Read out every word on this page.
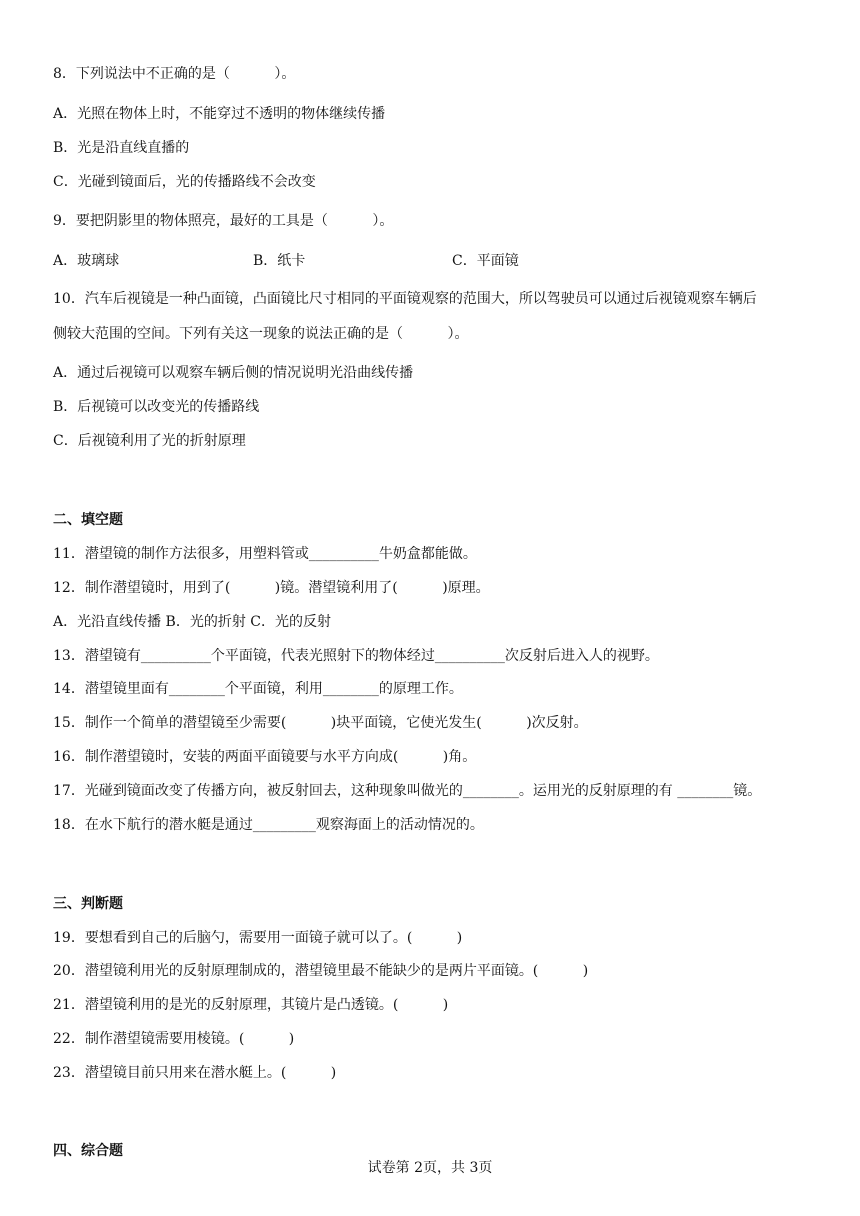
8．下列说法中不正确的是（          ）。
A．光照在物体上时，不能穿过不透明的物体继续传播
B．光是沿直线直播的
C．光碰到镜面后，光的传播路线不会改变
9．要把阴影里的物体照亮，最好的工具是（          ）。
A．玻璃球	B．纸卡	C．平面镜
10．汽车后视镜是一种凸面镜，凸面镜比尺寸相同的平面镜观察的范围大，所以驾驶员可以通过后视镜观察车辆后
侧较大范围的空间。下列有关这一现象的说法正确的是（          ）。
A．通过后视镜可以观察车辆后侧的情况说明光沿曲线传播
B．后视镜可以改变光的传播路线
C．后视镜利用了光的折射原理
二、填空题
11．潜望镜的制作方法很多，用塑料管或__________牛奶盒都能做。
12．制作潜望镜时，用到了(          )镜。潜望镜利用了(          )原理。
A．光沿直线传播 B．光的折射 C．光的反射
13．潜望镜有__________个平面镜，代表光照射下的物体经过__________次反射后进入人的视野。
14．潜望镜里面有________个平面镜，利用________的原理工作。
15．制作一个简单的潜望镜至少需要(          )块平面镜，它使光发生(          )次反射。
16．制作潜望镜时，安装的两面平面镜要与水平方向成(          )角。
17．光碰到镜面改变了传播方向，被反射回去，这种现象叫做光的________。运用光的反射原理的有 ________镜。
18．在水下航行的潜水艇是通过_________观察海面上的活动情况的。
三、判断题
19．要想看到自己的后脑勺，需要用一面镜子就可以了。(          )
20．潜望镜利用光的反射原理制成的，潜望镜里最不能缺少的是两片平面镜。(          )
21．潜望镜利用的是光的反射原理，其镜片是凸透镜。(          )
22．制作潜望镜需要用棱镜。(          )
23．潜望镜目前只用来在潜水艇上。(          )
四、综合题
试卷第 2页，共 3页
